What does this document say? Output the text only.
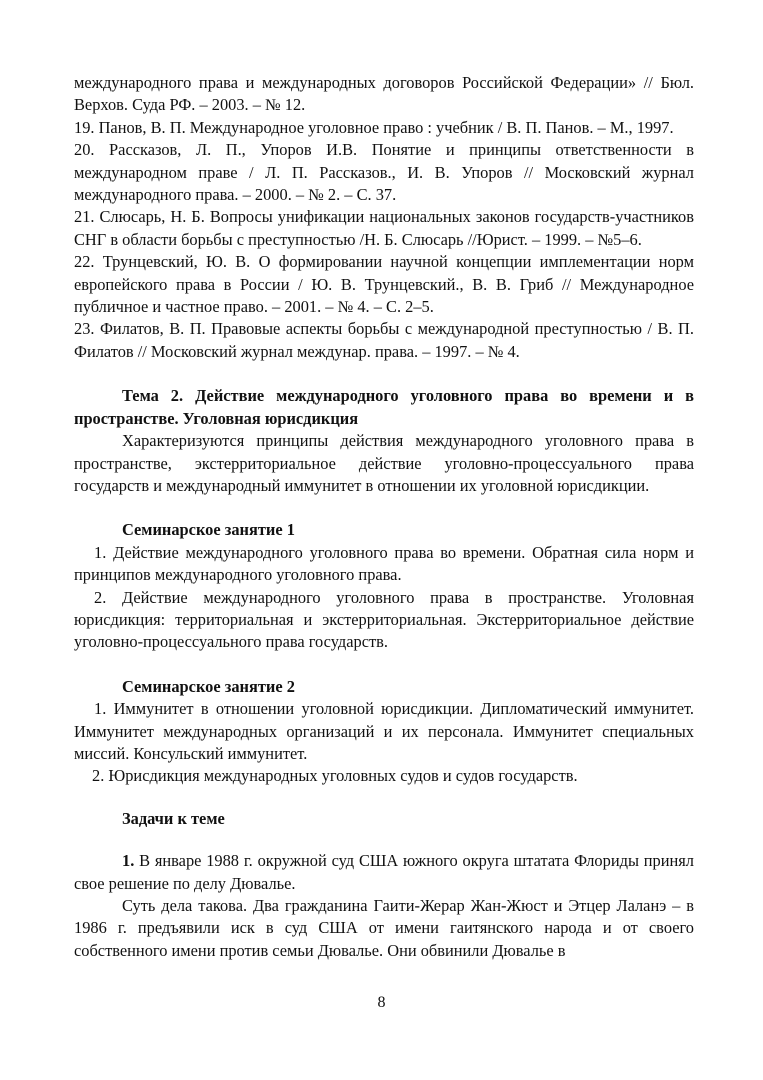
международного права и международных договоров Российской Федерации» // Бюл. Верхов. Суда РФ. – 2003. – № 12.

19. Панов, В. П. Международное уголовное право : учебник / В. П. Панов. – М., 1997.

20. Рассказов, Л. П., Упоров И.В. Понятие и принципы ответственности в международном праве / Л. П. Рассказов., И. В. Упоров // Московский журнал международного права. – 2000. – № 2. – С. 37.

21. Слюсарь, Н. Б. Вопросы унификации национальных законов государств-участников СНГ в области борьбы с преступностью /Н. Б. Слюсарь //Юрист. – 1999. – №5–6.

22. Трунцевский, Ю. В. О формировании научной концепции имплементации норм европейского права в России / Ю. В. Трунцевский., В. В. Гриб // Международное публичное и частное право. – 2001. – № 4. – С. 2–5.

23. Филатов, В. П. Правовые аспекты борьбы с международной преступностью / В. П. Филатов // Московский журнал междунар. права. – 1997. – № 4.

Тема 2. Действие международного уголовного права во времени и в пространстве. Уголовная юрисдикция

Характеризуются принципы действия международного уголовного права в пространстве, экстерриториальное действие уголовно-процессуального права государств и международный иммунитет в отношении их уголовной юрисдикции.

Семинарское занятие 1

1. Действие международного уголовного права во времени. Обратная сила норм и принципов международного уголовного права.

2. Действие международного уголовного права в пространстве. Уголовная юрисдикция: территориальная и экстерриториальная. Экстерриториальное действие уголовно-процессуального права государств.

Семинарское занятие 2

1. Иммунитет в отношении уголовной юрисдикции. Дипломатический иммунитет. Иммунитет международных организаций и их персонала. Иммунитет специальных миссий. Консульский иммунитет.

2. Юрисдикция международных уголовных судов и судов государств.

Задачи к теме

1. В январе 1988 г. окружной суд США южного округа штатата Флориды принял свое решение по делу Дювалье.

Суть дела такова. Два гражданина Гаити-Жерар Жан-Жюст и Этцер Лаланэ – в 1986 г. предъявили иск в суд США от имени гаитянского народа и от своего собственного имени против семьи Дювалье. Они обвинили Дювалье в

8
